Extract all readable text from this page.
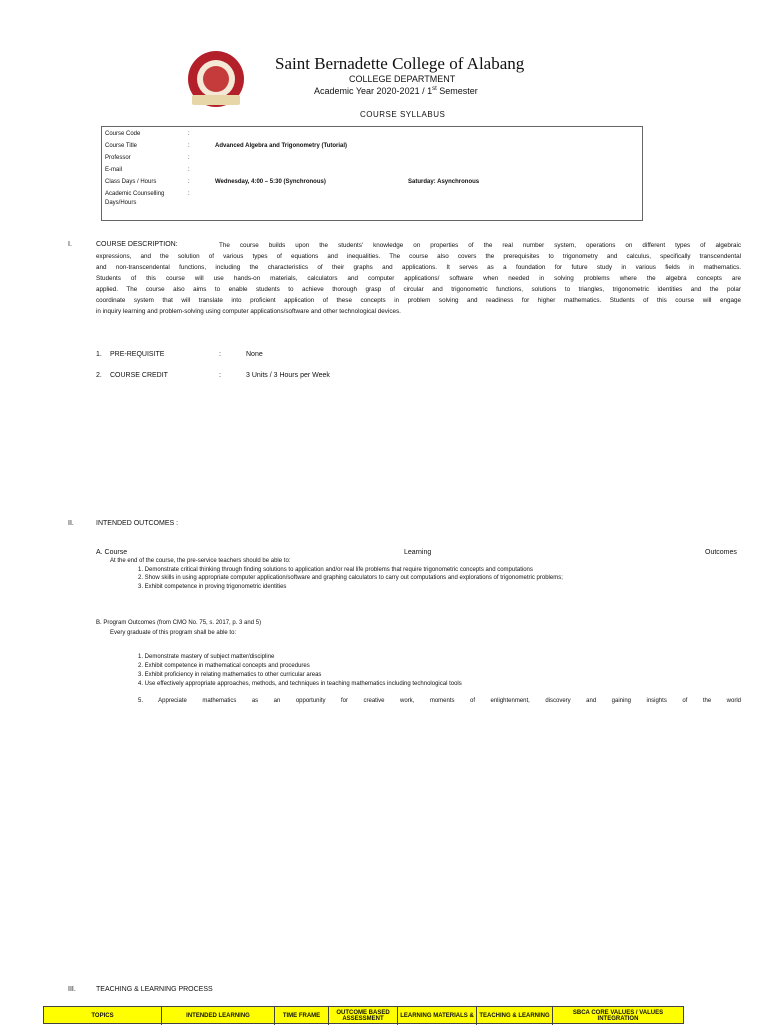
Saint Bernadette College of Alabang
COLLEGE DEPARTMENT
Academic Year 2020-2021 / 1st Semester
COURSE SYLLABUS
Course Code	:
Course Title	:	Advanced Algebra and Trigonometry (Tutorial)
Professor	:
E-mail	:
Class Days / Hours	:	Wednesday, 4:00 – 5:30 (Synchronous)	Saturday: Asynchronous
Academic Counselling	:
Days/Hours
I.	COURSE DESCRIPTION:	The course builds upon the students' knowledge on properties of the real number system, operations on different types of algebraic
expressions, and the solution of various types of equations and inequalities. The course also covers the prerequisites to trigonometry and calculus, specifically transcendental
and non-transcendental functions, including the characteristics of their graphs and applications. It serves as a foundation for future study in various fields in mathematics.
Students of this course will use hands-on materials, calculators and computer applications/ software when needed in solving problems where the algebra concepts are
applied. The course also aims to enable students to achieve thorough grasp of circular and trigonometric functions, solutions to triangles, trigonometric identities and the polar
coordinate system that will translate into proficient application of these concepts in problem solving and readiness for higher mathematics. Students of this course will engage
in inquiry learning and problem-solving using computer applications/software and other technological devices.
1. PRE-REQUISITE	:	None
2. COURSE CREDIT	:	3 Units / 3 Hours per Week
II.	INTENDED OUTCOMES :
A. Course	Learning	Outcomes
At the end of the course, the pre-service teachers should be able to:
1. Demonstrate critical thinking through finding solutions to application and/or real life problems that require trigonometric concepts and computations
2. Show skills in using appropriate computer application/software and graphing calculators to carry out computations and explorations of trigonometric problems;
3. Exhibit competence in proving trigonometric identities
B. Program Outcomes (from CMO No. 75, s. 2017, p. 3 and 5)
Every graduate of this program shall be able to:
1. Demonstrate mastery of subject matter/discipline
2. Exhibit competence in mathematical concepts and procedures
3. Exhibit proficiency in relating mathematics to other curricular areas
4. Use effectively appropriate approaches, methods, and techniques in teaching mathematics including technological tools
5. Appreciate mathematics as an opportunity for creative work, moments of enlightenment, discovery and gaining insights of the world
III.	TEACHING & LEARNING PROCESS
TOPICS	INTENDED LEARNING	TIME FRAME	OUTCOME BASED ASSESSMENT	LEARNING MATERIALS & TEACHING & LEARNING	SBCA CORE VALUES / VALUES INTEGRATION
